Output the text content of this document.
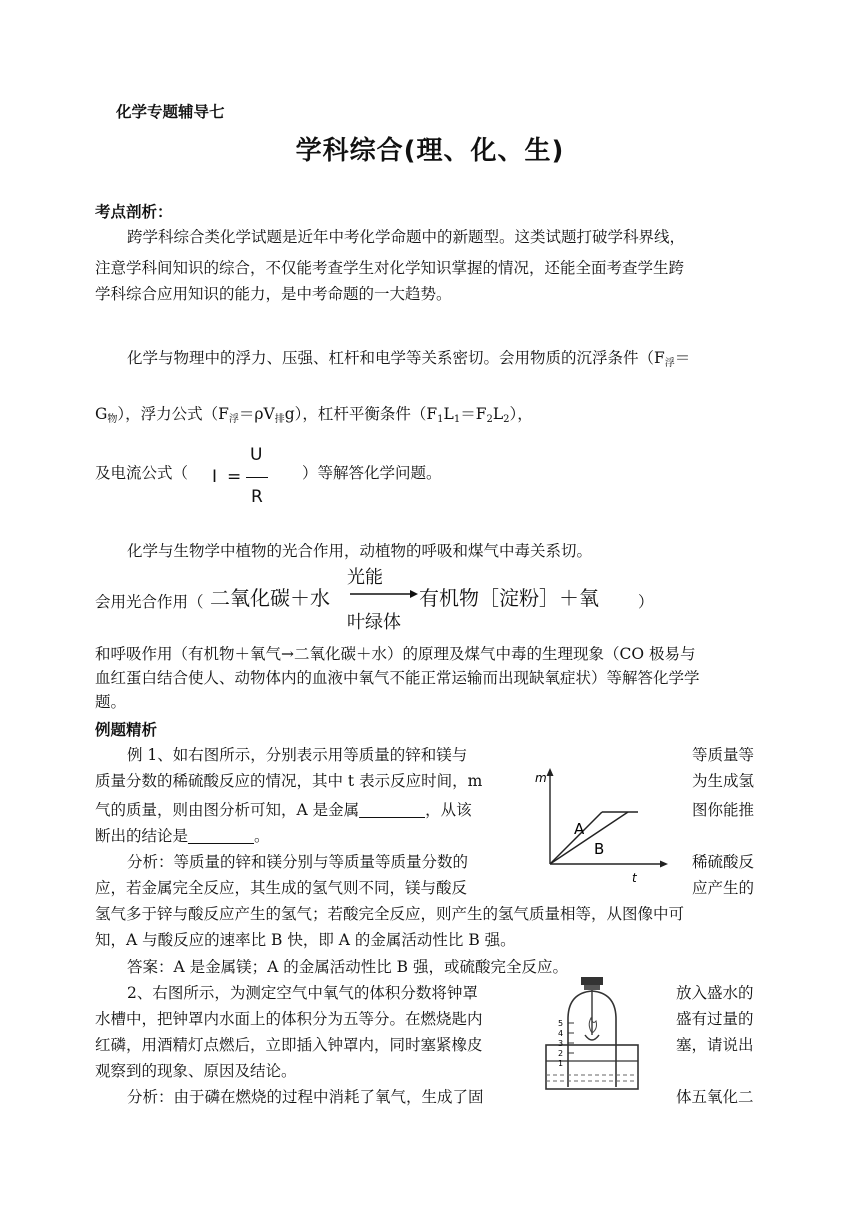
化学专题辅导七
学科综合(理、化、生)
考点剖析：
跨学科综合类化学试题是近年中考化学命题中的新题型。这类试题打破学科界线，
注意学科间知识的综合，不仅能考查学生对化学知识掌握的情况，还能全面考查学生跨
学科综合应用知识的能力，是中考命题的一大趋势。
化学与物理中的浮力、压强、杠杆和电学等关系密切。会用物质的沉浮条件（$F_浮=$
$G_物$），浮力公式$(F_浮=\rho V_排g)$，杠杆平衡条件$(F_1L_1=F_2L_2)$，
及电流公式（ I =
U
R
）等解答化学问题。
化学与生物学中植物的光合作用，动植物的呼吸和煤气中毒关系切。
会用光合作用（ 二氧化碳＋水
光能
叶绿体
有机物［淀粉］＋氧	）
和呼吸作用（有机物＋氧气→二氧化碳＋水）的原理及煤气中毒的生理现象（CO 极易与
血红蛋白结合使人、动物体内的血液中氧气不能正常运输而出现缺氧症状）等解答化学学
题。
例题精析
例 1、如右图所示，分别表示用等质量的锌和镁与	等质量等
质量分数的稀硫酸反应的情况，其中 t 表示反应时间，m	为生成氢
气的质量，则由图分析可知，A 是金属	，从该	图你能推
断出的结论是	。
m
t
A
B
分析：等质量的锌和镁分别与等质量等质量分数的	稀硫酸反
应，若金属完全反应，其生成的氢气则不同，镁与酸反	应产生的
氢气多于锌与酸反应产生的氢气；若酸完全反应，则产生的氢气质量相等，从图像中可
知，A 与酸反应的速率比 B 快，即 A 的金属活动性比 B 强。
答案：A 是金属镁；A 的金属活动性比 B 强，或硫酸完全反应。
2、右图所示，为测定空气中氧气的体积分数将钟罩	放入盛水的
水槽中，把钟罩内水面上的体积分为五等分。在燃烧匙内	盛有过量的
红磷，用酒精灯点燃后，立即插入钟罩内，同时塞紧橡皮	塞，请说出
观察到的现象、原因及结论。
5
4
3
2
1
分析：由于磷在燃烧的过程中消耗了氧气，生成了固	体五氧化二
